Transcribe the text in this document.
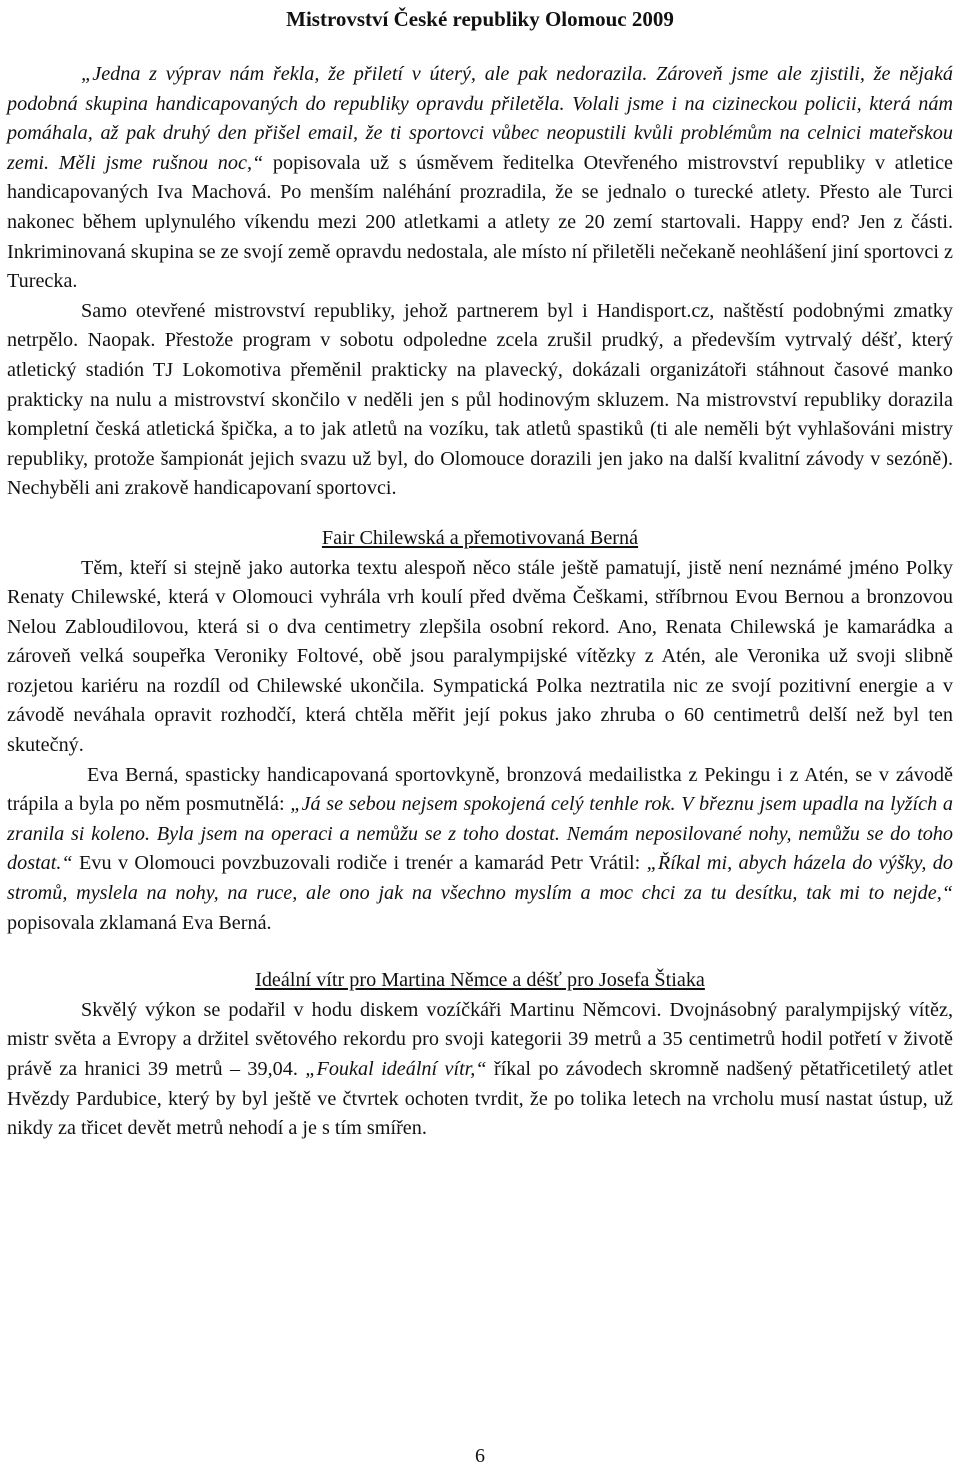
Mistrovství České republiky Olomouc 2009

„Jedna z výprav nám řekla, že přiletí v úterý, ale pak nedorazila. Zároveň jsme ale zjistili, že nějaká podobná skupina handicapovaných do republiky opravdu přiletěla. Volali jsme i na cizineckou policii, která nám pomáhala, až pak druhý den přišel email, že ti sportovci vůbec neopustili kvůli problémům na celnici mateřskou zemi. Měli jsme rušnou noc,“ popisovala už s úsměvem ředitelka Otevřeného mistrovství republiky v atletice handicapovaných Iva Machová. Po menším naléhání prozradila, že se jednalo o turecké atlety. Přesto ale Turci nakonec během uplynulého víkendu mezi 200 atletkami a atlety ze 20 zemí startovali. Happy end? Jen z části. Inkriminovaná skupina se ze svojí země opravdu nedostala, ale místo ní přiletěli nečekaně neohlášení jiní sportovci z Turecka.

Samo otevřené mistrovství republiky, jehož partnerem byl i Handisport.cz, naštěstí podobnými zmatky netrpělo. Naopak. Přestože program v sobotu odpoledne zcela zrušil prudký, a především vytrvalý déšť, který atletický stadión TJ Lokomotiva přeměnil prakticky na plavecký, dokázali organizátoři stáhnout časové manko prakticky na nulu a mistrovství skončilo v neděli jen s půl hodinovým skluzem. Na mistrovství republiky dorazila kompletní česká atletická špička, a to jak atletů na vozíku, tak atletů spastiků (ti ale neměli být vyhlašováni mistry republiky, protože šampionát jejich svazu už byl, do Olomouce dorazili jen jako na další kvalitní závody v sezóně). Nechyběli ani zrakově handicapovaní sportovci.

Fair Chilewská a přemotivovaná Berná

Těm, kteří si stejně jako autorka textu alespoň něco stále ještě pamatují, jistě není neznámé jméno Polky Renaty Chilewské, která v Olomouci vyhrála vrh koulí před dvěma Češkami, stříbrnou Evou Bernou a bronzovou Nelou Zabloudilovou, která si o dva centimetry zlepšila osobní rekord. Ano, Renata Chilewská je kamarádka a zároveň velká soupeřka Veroniky Foltové, obě jsou paralympijské vítězky z Atén, ale Veronika už svoji slibně rozjetou kariéru na rozdíl od Chilewské ukončila. Sympatická Polka neztratila nic ze svojí pozitivní energie a v závodě neváhala opravit rozhodčí, která chtěla měřit její pokus jako zhruba o 60 centimetrů delší než byl ten skutečný.

Eva Berná, spasticky handicapovaná sportovkyně, bronzová medailistka z Pekingu i z Atén, se v závodě trápila a byla po něm posmutnělá: „Já se sebou nejsem spokojená celý tenhle rok. V březnu jsem upadla na lyžích a zranila si koleno. Byla jsem na operaci a nemůžu se z toho dostat. Nemám neposilované nohy, nemůžu se do toho dostat.“ Evu v Olomouci povzbuzovali rodiče i trenér a kamarád Petr Vrátil: „Říkal mi, abych házela do výšky, do stromů, myslela na nohy, na ruce, ale ono jak na všechno myslím a moc chci za tu desítku, tak mi to nejde,“ popisovala zklamaná Eva Berná.

Ideální vítr pro Martina Němce a déšť pro Josefa Štiaka

Skvělý výkon se podařil v hodu diskem vozíčkáři Martinu Němcovi. Dvojnásobný paralympijský vítěz, mistr světa a Evropy a držitel světového rekordu pro svoji kategorii 39 metrů a 35 centimetrů hodil potřetí v životě právě za hranici 39 metrů – 39,04. „Foukal ideální vítr,“ říkal po závodech skromně nadšený pětatřicetiletý atlet Hvězdy Pardubice, který by byl ještě ve čtvrtek ochoten tvrdit, že po tolika letech na vrcholu musí nastat ústup, už nikdy za třicet devět metrů nehodí a je s tím smířen.

6
